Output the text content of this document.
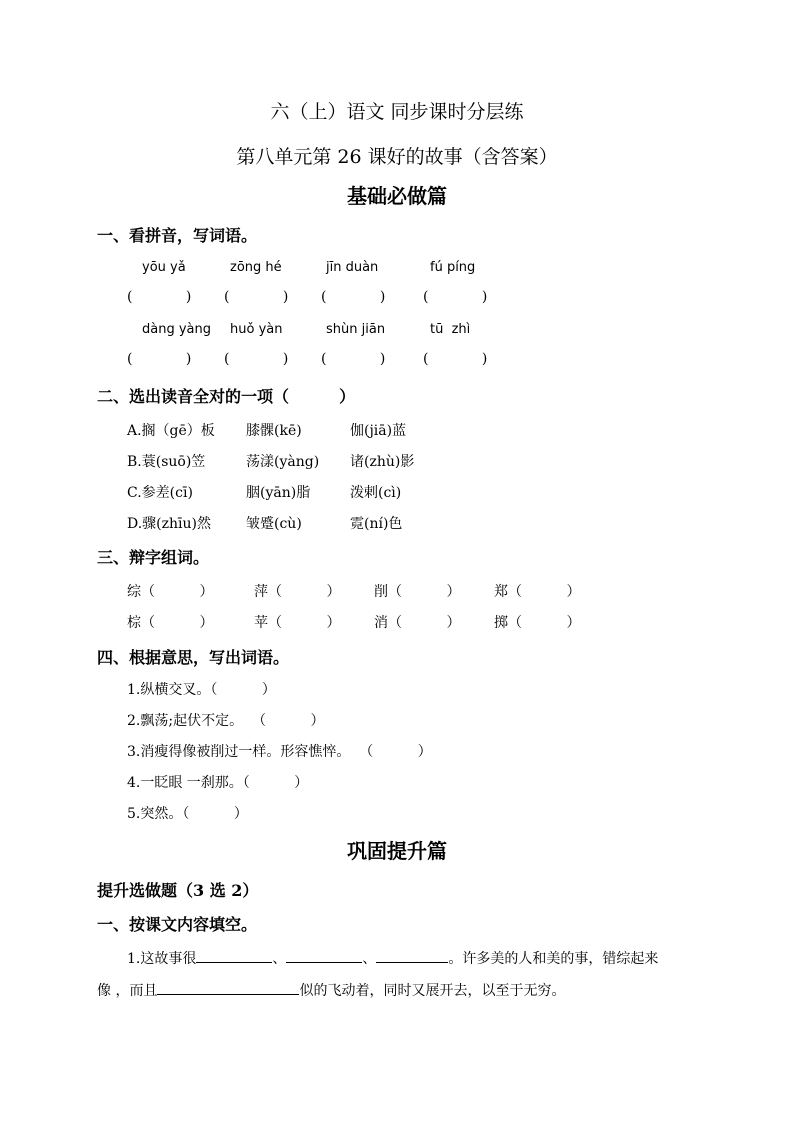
六（上）语文 同步课时分层练
第八单元第 26 课好的故事（含答案）
基础必做篇
一、看拼音，写词语。
yōu yǎ	zōng hé	jīn duàn	fú píng
(            ) (            ) (            )	(            )
dàng yàng huǒ yàn	shùn jiān	tū  zhì
(            ) (            ) (            )	(            )
二、选出读音全对的一项（         ）
A.搁（gē）板 膝髁(kē)	伽(jiā)蓝
B.蓑(suō)笠	荡漾(yàng) 诸(zhù)影
C.参差(cī)	胭(yān)脂	泼剌(cì)
D.骤(zhīu)然	皱蹙(cù)	霓(ní)色
三、辩字组词。
综（          ）	萍（          ） 削（          ） 郑（          ）
棕（          ）	苹（          ） 消（          ） 掷（          ）
四、根据意思，写出词语。
1.纵横交叉。（          ）
2.飘荡;起伏不定。  （          ）
3.消瘦得像被削过一样。形容憔悴。  （          ）
4.一眨眼 一刹那。（          ）
5.突然。（          ）
巩固提升篇
提升选做题（3 选 2）
一、按课文内容填空。
1.这故事很	、	、	。许多美的人和美的事，错综起来
像 ，而且	似的飞动着，同时又展开去，以至于无穷。
